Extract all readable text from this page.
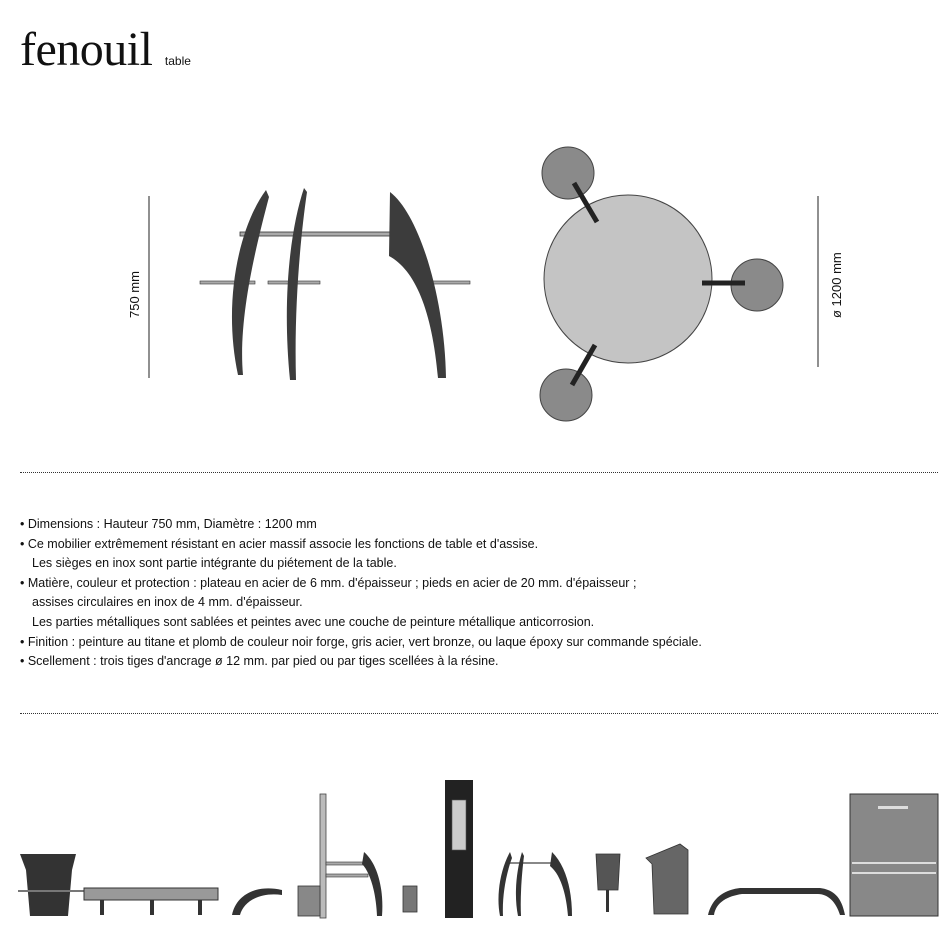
fenouil table
750 mm	ø 1200 mm
• Dimensions : Hauteur 750 mm, Diamètre : 1200 mm
• Ce mobilier extrêmement résistant en acier massif associe les fonctions de table et d'assise.
Les sièges en inox sont partie intégrante du piétement de la table.
• Matière, couleur et protection : plateau en acier de 6 mm. d'épaisseur ; pieds en acier de 20 mm. d'épaisseur ;
assises circulaires en inox de 4 mm. d'épaisseur.
Les parties métalliques sont sablées et peintes avec une couche de peinture métallique anticorrosion.
• Finition : peinture au titane et plomb de couleur noir forge, gris acier, vert bronze, ou laque époxy sur commande spéciale.
• Scellement : trois tiges d'ancrage ø 12 mm. par pied ou par tiges scellées à la résine.
